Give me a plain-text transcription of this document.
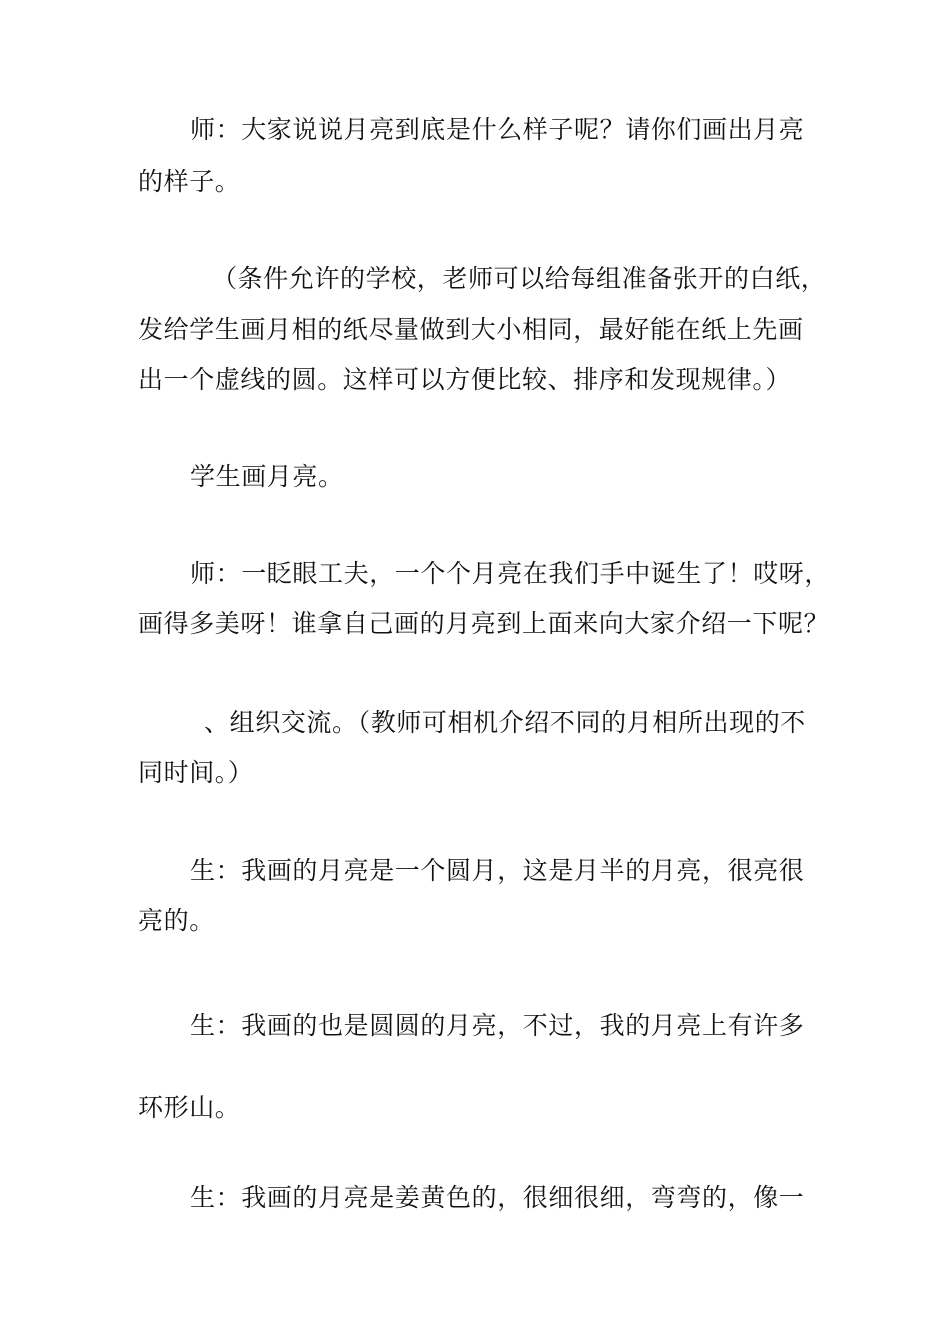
师：大家说说月亮到底是什么样子呢？请你们画出月亮
的样子。
（条件允许的学校，老师可以给每组准备张开的白纸，
发给学生画月相的纸尽量做到大小相同，最好能在纸上先画
出一个虚线的圆。这样可以方便比较、排序和发现规律。）
学生画月亮。
师：一眨眼工夫，一个个月亮在我们手中诞生了！哎呀，
画得多美呀！谁拿自己画的月亮到上面来向大家介绍一下呢？
、组织交流。（教师可相机介绍不同的月相所出现的不
同时间。）
生：我画的月亮是一个圆月，这是月半的月亮，很亮很
亮的。
生：我画的也是圆圆的月亮，不过，我的月亮上有许多
环形山。
生：我画的月亮是姜黄色的，很细很细，弯弯的，像一
